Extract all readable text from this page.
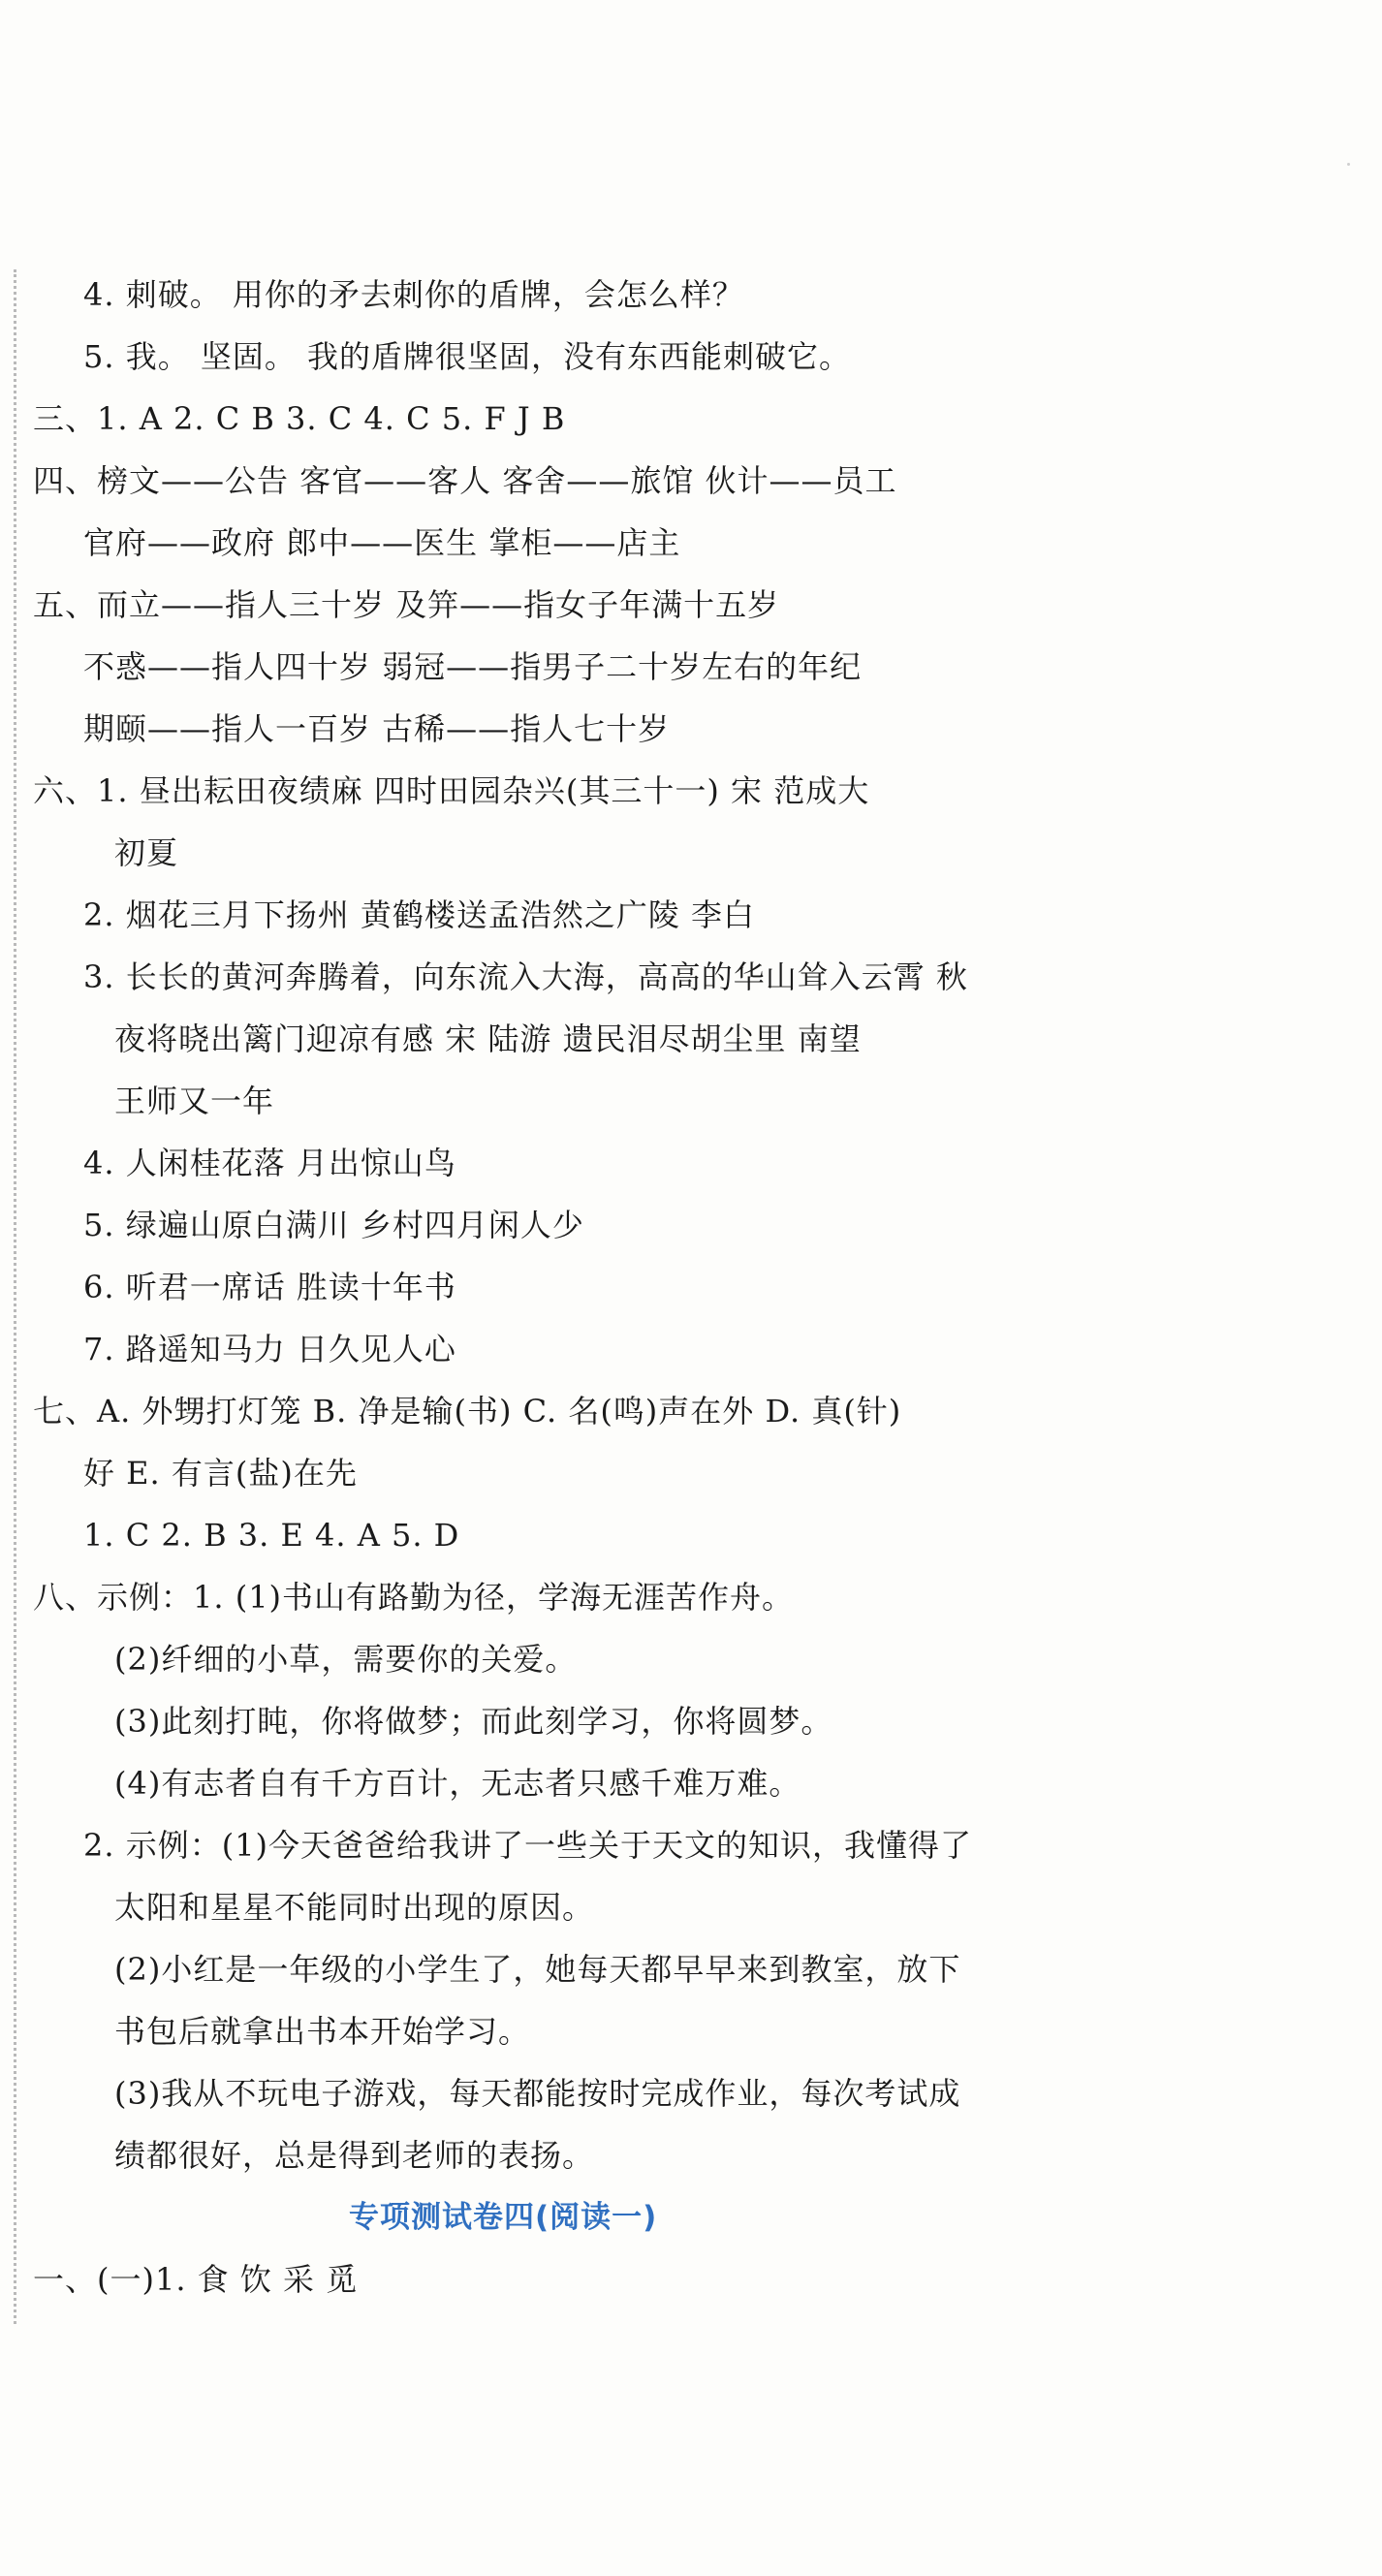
4. 刺破。 用你的矛去刺你的盾牌，会怎么样？
5. 我。 坚固。 我的盾牌很坚固，没有东西能刺破它。
三、1. A 2. C B 3. C 4. C 5. F J B
四、榜文——公告 客官——客人 客舍——旅馆 伙计——员工
官府——政府 郎中——医生 掌柜——店主
五、而立——指人三十岁 及笄——指女子年满十五岁
不惑——指人四十岁 弱冠——指男子二十岁左右的年纪
期颐——指人一百岁 古稀——指人七十岁
六、1. 昼出耘田夜绩麻 四时田园杂兴(其三十一) 宋 范成大
初夏
2. 烟花三月下扬州 黄鹤楼送孟浩然之广陵 李白
3. 长长的黄河奔腾着，向东流入大海，高高的华山耸入云霄 秋
夜将晓出篱门迎凉有感 宋 陆游 遗民泪尽胡尘里 南望
王师又一年
4. 人闲桂花落 月出惊山鸟
5. 绿遍山原白满川 乡村四月闲人少
6. 听君一席话 胜读十年书
7. 路遥知马力 日久见人心
七、A. 外甥打灯笼 B. 净是输(书) C. 名(鸣)声在外 D. 真(针)
好 E. 有言(盐)在先
1. C 2. B 3. E 4. A 5. D
八、示例：1. (1)书山有路勤为径，学海无涯苦作舟。
(2)纤细的小草，需要你的关爱。
(3)此刻打盹，你将做梦；而此刻学习，你将圆梦。
(4)有志者自有千方百计，无志者只感千难万难。
2. 示例：(1)今天爸爸给我讲了一些关于天文的知识，我懂得了
太阳和星星不能同时出现的原因。
(2)小红是一年级的小学生了，她每天都早早来到教室，放下
书包后就拿出书本开始学习。
(3)我从不玩电子游戏，每天都能按时完成作业，每次考试成
绩都很好，总是得到老师的表扬。
专项测试卷四(阅读一)
一、(一)1. 食 饮 采 觅
